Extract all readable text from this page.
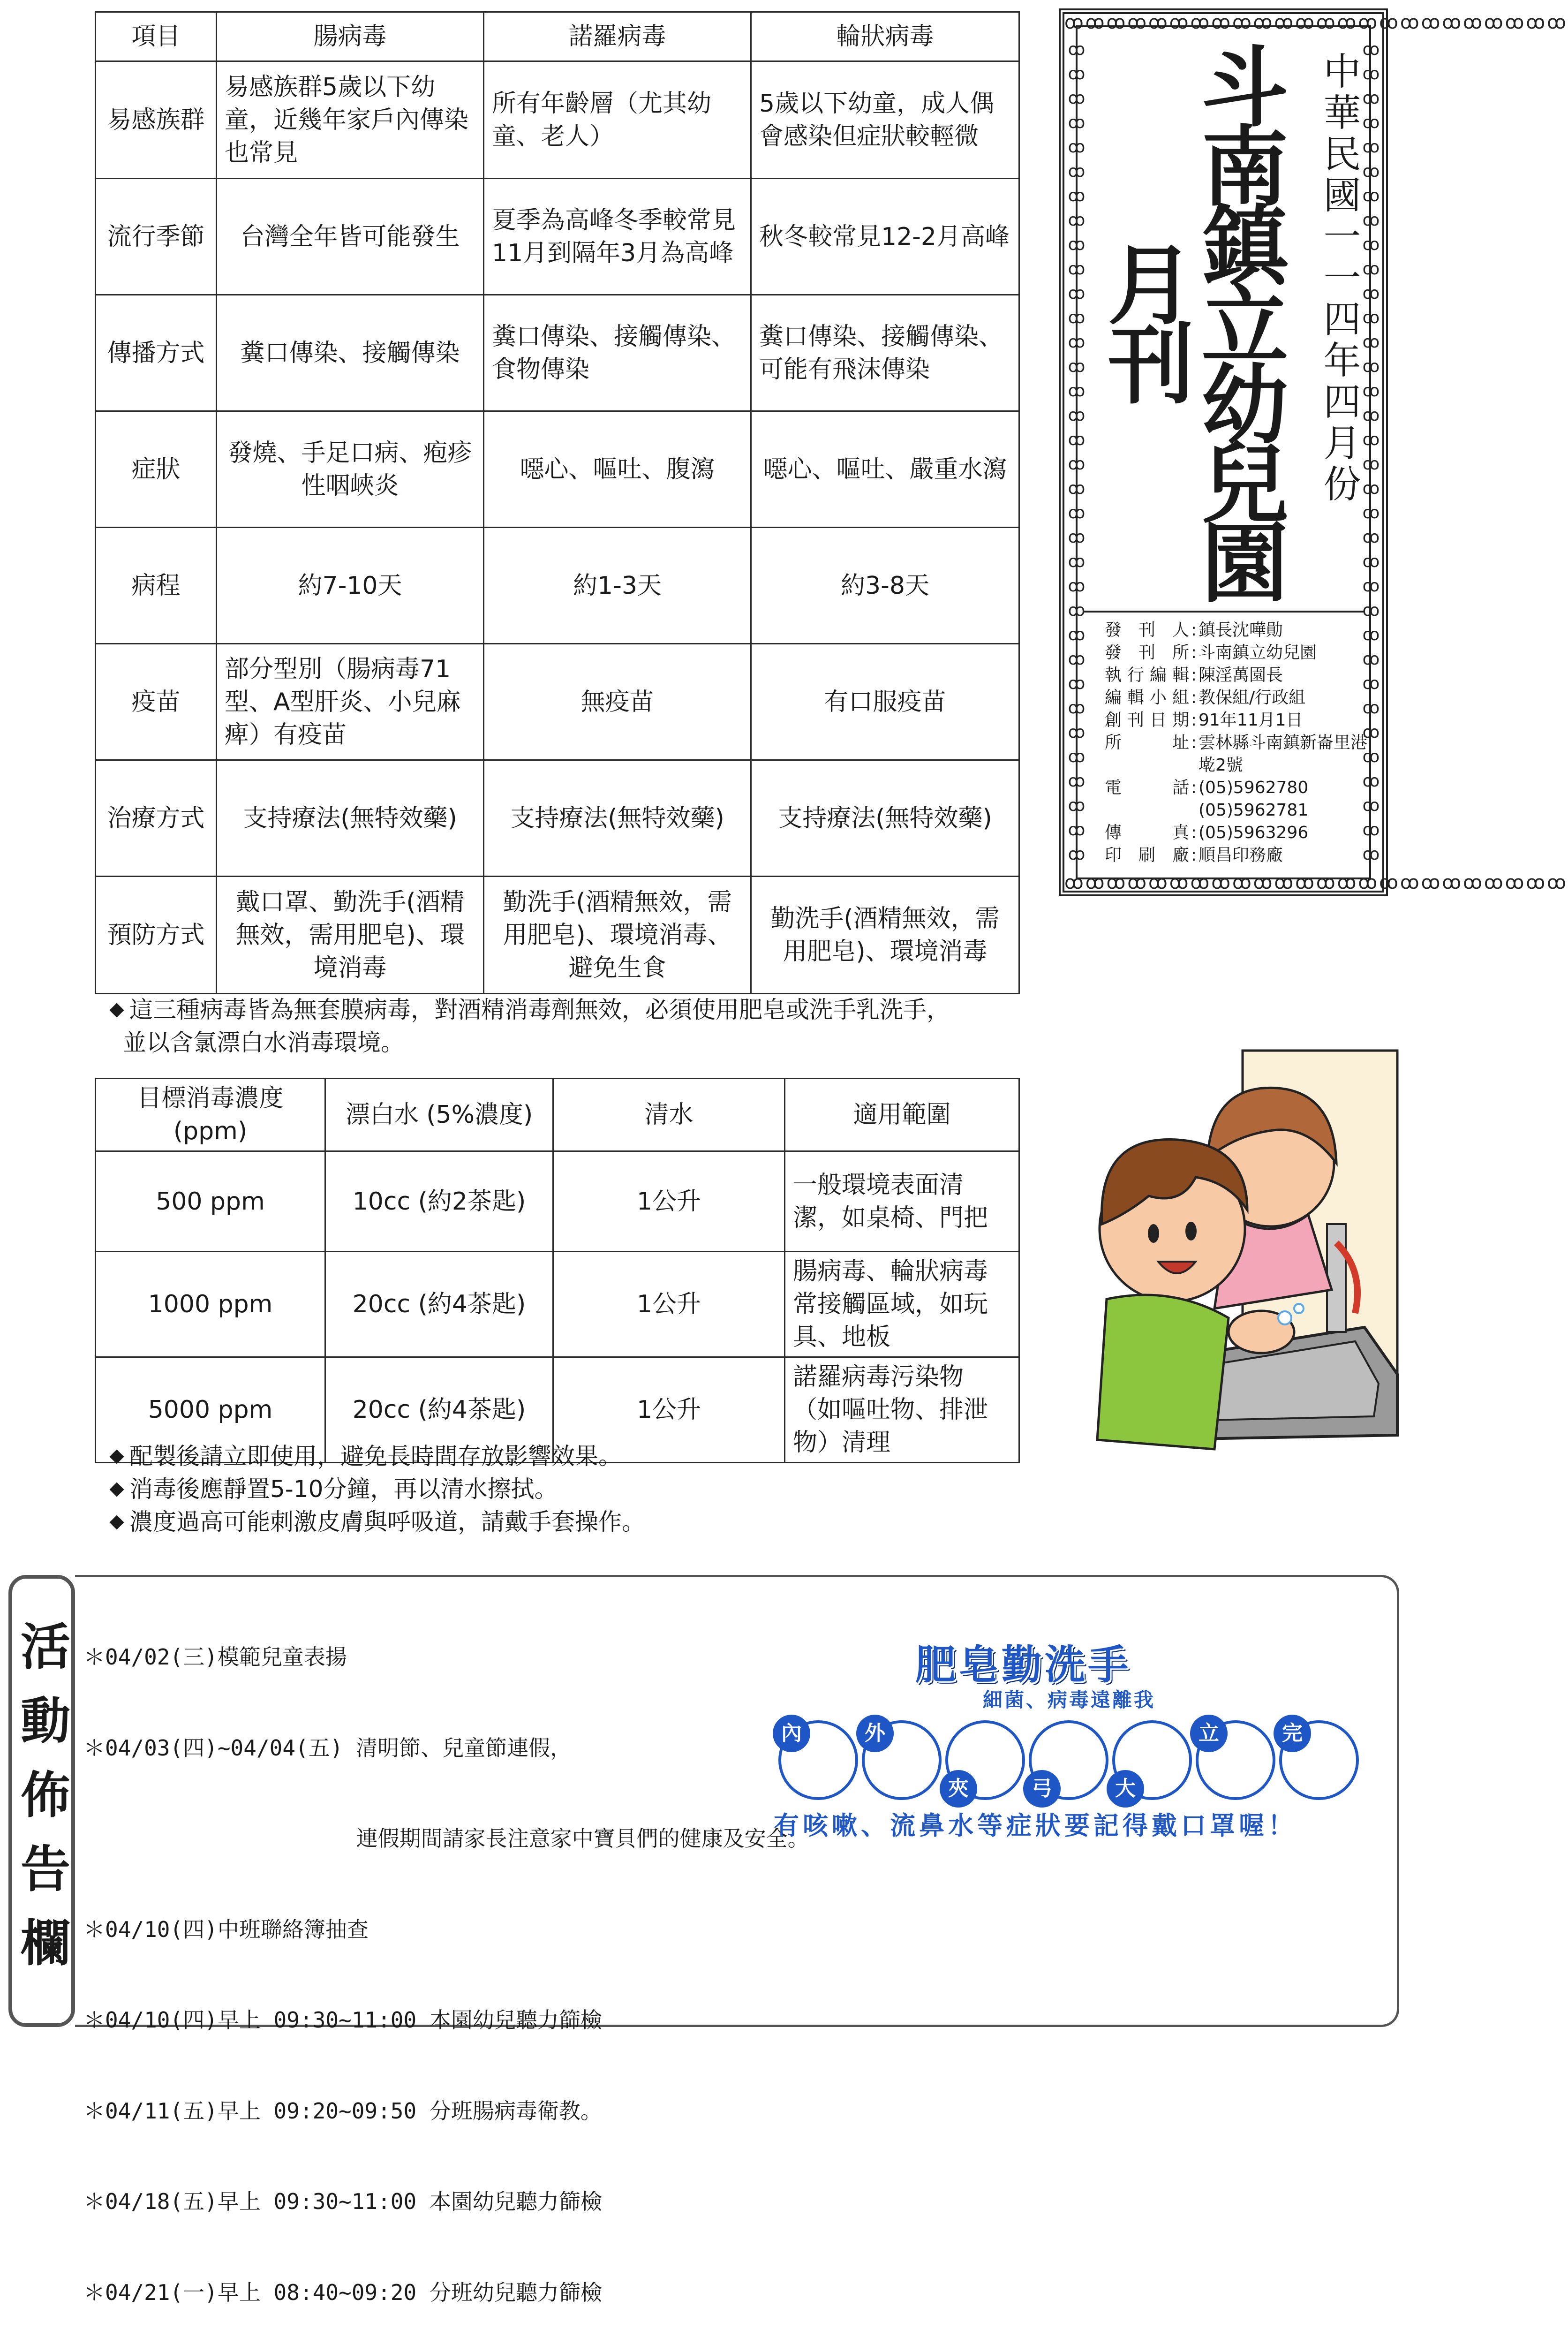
項目	腸病毒	諾羅病毒	輪狀病毒
易感族群	易感族群5歲以下幼童，近幾年家戶內傳染也常見	所有年齡層（尤其幼童、老人）	5歲以下幼童，成人偶會感染但症狀較輕微
流行季節	台灣全年皆可能發生	夏季為高峰冬季較常見11月到隔年3月為高峰	秋冬較常見12-2月高峰
傳播方式	糞口傳染、接觸傳染	糞口傳染、接觸傳染、食物傳染	糞口傳染、接觸傳染、可能有飛沫傳染
症狀	發燒、手足口病、疱疹性咽峽炎	噁心、嘔吐、腹瀉	噁心、嘔吐、嚴重水瀉
病程	約7-10天	約1-3天	約3-8天
疫苗	部分型別（腸病毒71型、A型肝炎、小兒麻痺）有疫苗	無疫苗	有口服疫苗
治療方式	支持療法(無特效藥)	支持療法(無特效藥)	支持療法(無特效藥)
預防方式	戴口罩、勤洗手(酒精無效，需用肥皂)、環境消毒	勤洗手(酒精無效，需用肥皂)、環境消毒、避免生食	勤洗手(酒精無效，需用肥皂)、環境消毒
這三種病毒皆為無套膜病毒，對酒精消毒劑無效，必須使用肥皂或洗手乳洗手，
並以含氯漂白水消毒環境。
目標消毒濃度 (ppm)	漂白水 (5%濃度)	清水	適用範圍
500 ppm	10cc (約2茶匙)	1公升	一般環境表面清潔，如桌椅、門把
1000 ppm	20cc (約4茶匙)	1公升	腸病毒、輪狀病毒常接觸區域，如玩具、地板
5000 ppm	20cc (約4茶匙)	1公升	諾羅病毒污染物（如嘔吐物、排泄物）清理
配製後請立即使用，避免長時間存放影響效果。
消毒後應靜置5-10分鐘，再以清水擦拭。
濃度過高可能刺激皮膚與呼吸道，請戴手套操作。
ꝏꝏꝏꝏꝏꝏꝏꝏꝏꝏꝏꝏꝏꝏꝏꝏꝏꝏꝏꝏꝏꝏꝏꝏ
ꝏꝏꝏꝏꝏꝏꝏꝏꝏꝏꝏꝏꝏꝏꝏꝏꝏꝏꝏꝏꝏꝏꝏꝏ
ꝏꝏꝏꝏꝏꝏꝏꝏꝏꝏꝏꝏꝏꝏꝏꝏꝏꝏꝏꝏꝏꝏꝏꝏꝏꝏꝏꝏꝏꝏꝏꝏꝏꝏ
ꝏꝏꝏꝏꝏꝏꝏꝏꝏꝏꝏꝏꝏꝏꝏꝏꝏꝏꝏꝏꝏꝏꝏꝏꝏꝏꝏꝏꝏꝏꝏꝏꝏꝏ
斗南鎮立幼兒園月刊	中華民國一一四年四月份
發刊人 : 鎮長沈嘩勛
發刊所 : 斗南鎮立幼兒園
執行編輯 : 陳淫萬園長
編輯小組 : 教保組/行政組
創刊日期 : 91年11月1日
所　址 : 雲林縣斗南鎮新崙里港墘2號
電　話 : (05)5962780
(05)5962781
傳　真 : (05)5963296
印刷廠 : 順昌印務廠
活動佈告欄

＊04/02(三)模範兒童表揚

＊04/03(四)~04/04(五) 清明節、兒童節連假，

連假期間請家長注意家中寶貝們的健康及安全。

＊04/10(四)中班聯絡簿抽查

＊04/10(四)早上 09:30~11:00 本園幼兒聽力篩檢

＊04/11(五)早上 09:20~09:50 分班腸病毒衛教。

＊04/18(五)早上 09:30~11:00 本園幼兒聽力篩檢

＊04/21(一)早上 08:40~09:20 分班幼兒聽力篩檢

肥皂勤洗手
細菌、病毒遠離我
內	外
夾	弓	大
立	完
有咳嗽、流鼻水等症狀要記得戴口罩喔！
